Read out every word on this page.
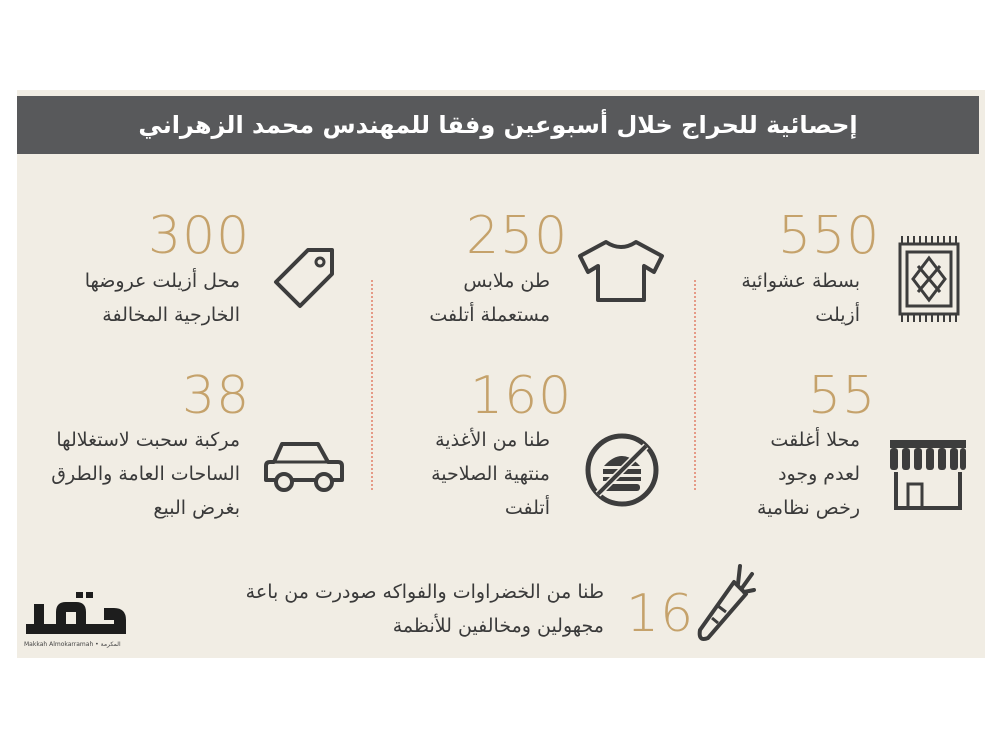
إحصائية للحراج خلال أسبوعين وفقا للمهندس محمد الزهراني
550
بسطة عشوائية
أزيلت
250
طن ملابس
مستعملة أتلفت
300
محل أزيلت عروضها
الخارجية المخالفة
55
محلا أغلقت
لعدم وجود
رخص نظامية
160
طنا من الأغذية
منتهية الصلاحية
أتلفت
38
مركبة سحبت لاستغلالها
الساحات العامة والطرق
بغرض البيع
16
طنا من الخضراوات والفواكه صودرت من باعة
مجهولين ومخالفين للأنظمة
Makkah Almokarramah • المكرمة
